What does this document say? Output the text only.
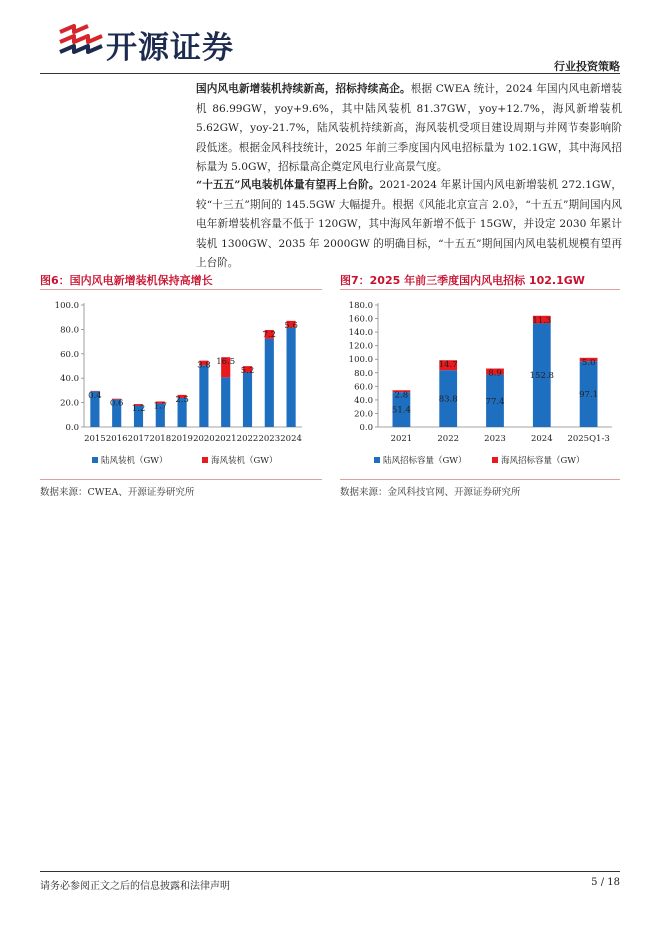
开源证券
行业投资策略

国内风电新增装机持续新高，招标持续高企。根据 CWEA 统计，2024 年国内风电新增装机 86.99GW，yoy+9.6%，其中陆风装机 81.37GW，yoy+12.7%，海风新增装机 5.62GW，yoy-21.7%，陆风装机持续新高，海风装机受项目建设周期与并网节奏影响阶段低迷。根据金风科技统计，2025 年前三季度国内风电招标量为 102.1GW，其中海风招标量为 5.0GW，招标量高企奠定风电行业高景气度。

“十五五”风电装机体量有望再上台阶。2021-2024 年累计国内风电新增装机 272.1GW，较“十三五”期间的 145.5GW 大幅提升。根据《风能北京宣言 2.0》，“十五五”期间国内风电年新增装机容量不低于 120GW，其中海风年新增不低于 15GW，并设定 2030 年累计装机 1300GW、2035 年 2000GW 的明确目标，“十五五”期间国内风电装机规模有望再上台阶。

图6：国内风电新增装机保持高增长	图7：2025 年前三季度国内风电招标 102.1GW
0.0
20.0
40.0
60.0
80.0
100.0
0.4
2015
0.6
2016
1.2
2017
1.7
2018
2.5
2019
3.8
2020
16.5
2021
5.2
2022
7.2
2023
5.6
2024
陆风装机（GW）	海风装机（GW）
0.0
20.0
40.0
60.0
80.0
100.0
120.0
140.0
160.0
180.0
51.4
2.8
2021
83.8
14.7
2022
77.4
8.9
2023
152.8
11.3
2024
97.1
5.0
2025Q1-3
陆风招标容量（GW）	海风招标容量（GW）
数据来源：CWEA、开源证券研究所	数据来源：金风科技官网、开源证券研究所
请务必参阅正文之后的信息披露和法律声明	5 / 18
